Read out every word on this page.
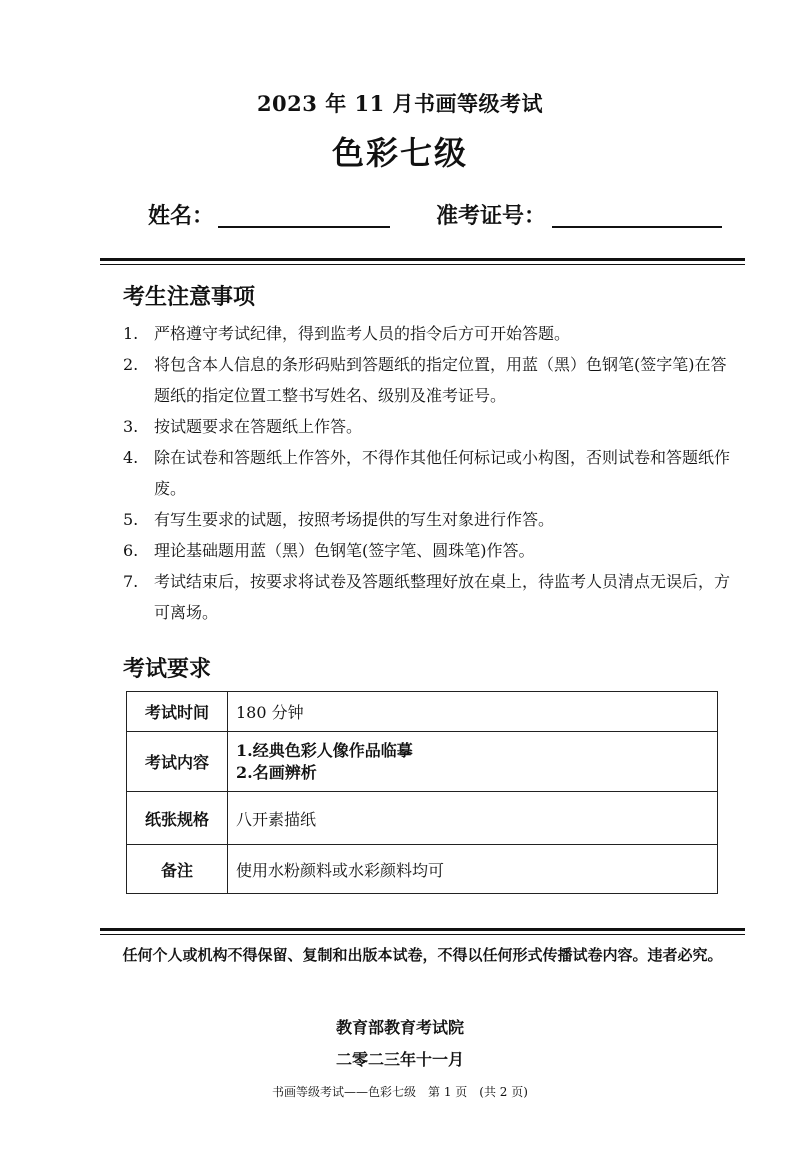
2023 年 11 月书画等级考试
色彩七级
姓名：	准考证号：
考生注意事项
1. 严格遵守考试纪律，得到监考人员的指令后方可开始答题。
2. 将包含本人信息的条形码贴到答题纸的指定位置，用蓝（黑）色钢笔(签字笔)在答题纸的指定位置工整书写姓名、级别及准考证号。
3. 按试题要求在答题纸上作答。
4. 除在试卷和答题纸上作答外，不得作其他任何标记或小构图，否则试卷和答题纸作废。
5. 有写生要求的试题，按照考场提供的写生对象进行作答。
6. 理论基础题用蓝（黑）色钢笔(签字笔、圆珠笔)作答。
7. 考试结束后，按要求将试卷及答题纸整理好放在桌上，待监考人员清点无误后，方可离场。
考试要求
考试时间	180 分钟
考试内容	1.经典色彩人像作品临摹
2.名画辨析

纸张规格	八开素描纸
备注	使用水粉颜料或水彩颜料均可
任何个人或机构不得保留、复制和出版本试卷，不得以任何形式传播试卷内容。违者必究。
教育部教育考试院
二零二三年十一月
书画等级考试——色彩七级　第 1 页　(共 2 页)
